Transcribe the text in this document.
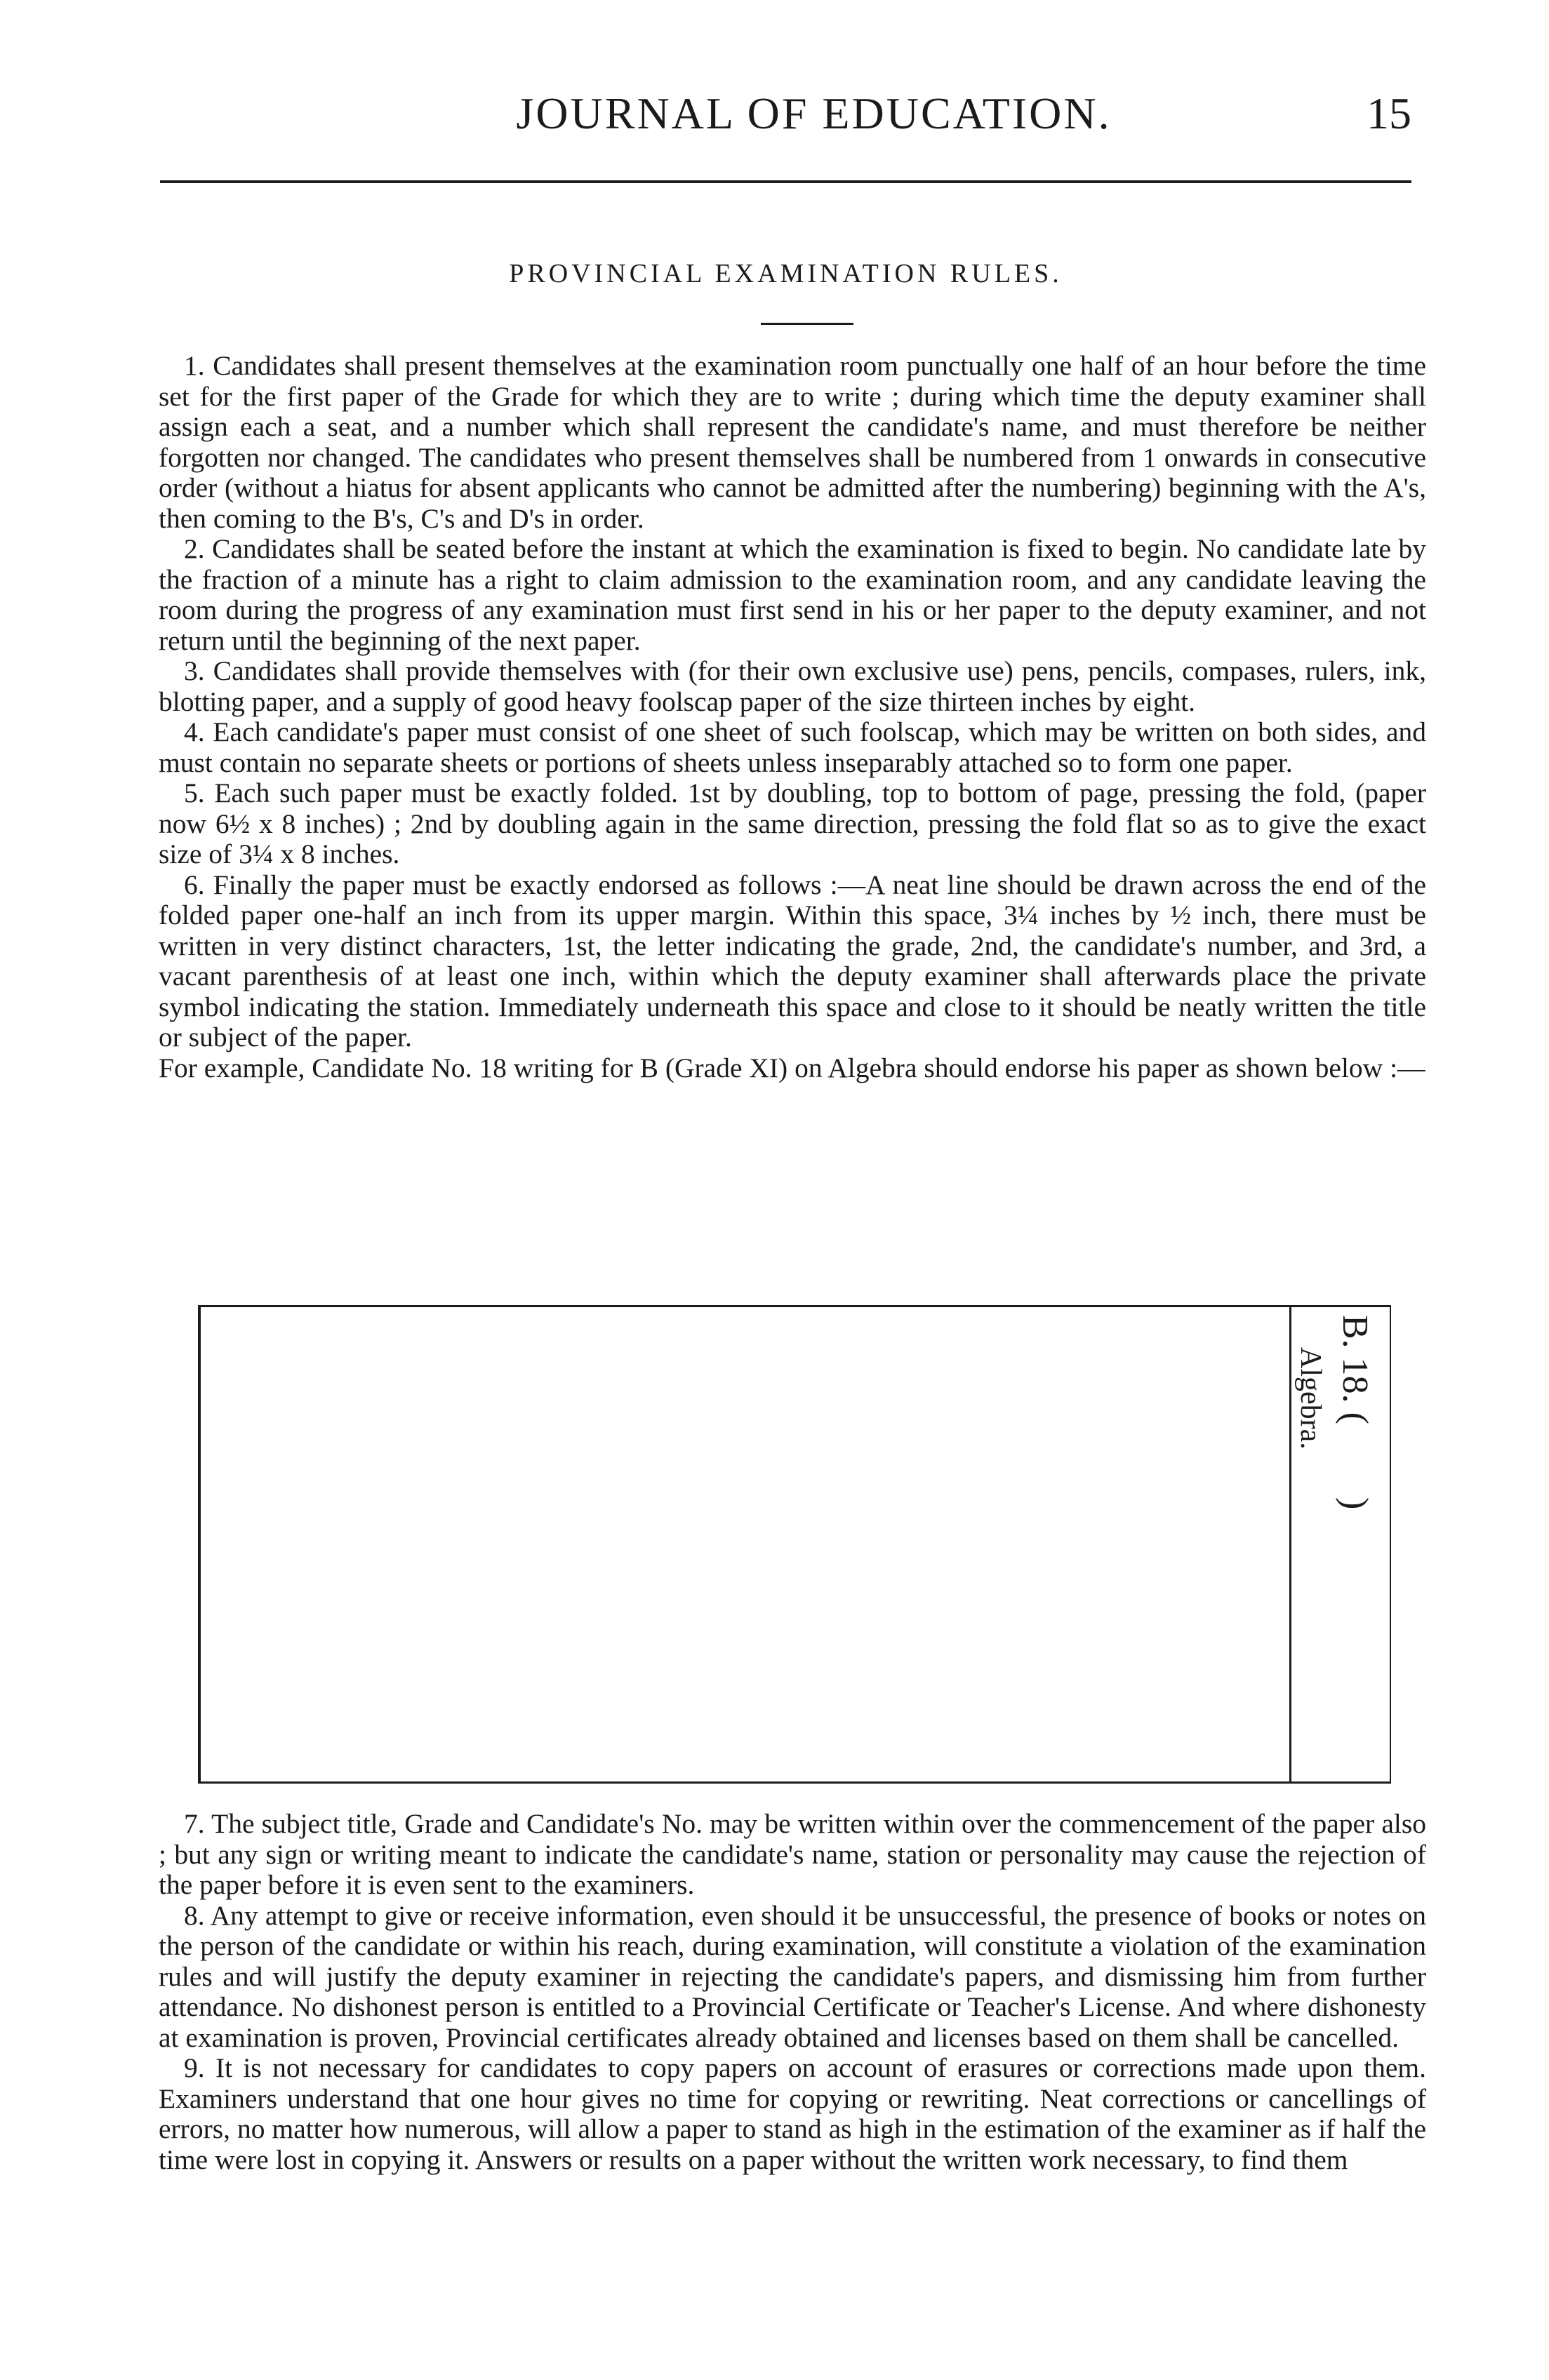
JOURNAL OF EDUCATION.	15
PROVINCIAL EXAMINATION RULES.

1. Candidates shall present themselves at the examination room punctually one half of an hour before the time set for the first paper of the Grade for which they are to write ; during which time the deputy examiner shall assign each a seat, and a number which shall represent the candidate's name, and must therefore be neither forgotten nor changed. The candidates who present themselves shall be numbered from 1 onwards in consecutive order (without a hiatus for absent applicants who cannot be admitted after the numbering) beginning with the A's, then coming to the B's, C's and D's in order.

2. Candidates shall be seated before the instant at which the examination is fixed to begin. No candidate late by the fraction of a minute has a right to claim admission to the examination room, and any candidate leaving the room during the progress of any examination must first send in his or her paper to the deputy examiner, and not return until the beginning of the next paper.

3. Candidates shall provide themselves with (for their own exclusive use) pens, pencils, compases, rulers, ink, blotting paper, and a supply of good heavy foolscap paper of the size thirteen inches by eight.

4. Each candidate's paper must consist of one sheet of such foolscap, which may be written on both sides, and must contain no separate sheets or portions of sheets unless inseparably attached so to form one paper.

5. Each such paper must be exactly folded. 1st by doubling, top to bottom of page, pressing the fold, (paper now 6½ x 8 inches) ; 2nd by doubling again in the same direction, pressing the fold flat so as to give the exact size of 3¼ x 8 inches.

6. Finally the paper must be exactly endorsed as follows :—A neat line should be drawn across the end of the folded paper one-half an inch from its upper margin. Within this space, 3¼ inches by ½ inch, there must be written in very distinct characters, 1st, the letter indicating the grade, 2nd, the candidate's number, and 3rd, a vacant parenthesis of at least one inch, within which the deputy examiner shall afterwards place the private symbol indicating the station. Immediately underneath this space and close to it should be neatly written the title or subject of the paper.

For example, Candidate No. 18 writing for B (Grade XI) on Algebra should endorse his paper as shown below :—

B. 18. (        )
Algebra.

7. The subject title, Grade and Candidate's No. may be written within over the commencement of the paper also ; but any sign or writing meant to indicate the candidate's name, station or personality may cause the rejection of the paper before it is even sent to the examiners.

8. Any attempt to give or receive information, even should it be unsuccessful, the presence of books or notes on the person of the candidate or within his reach, during examination, will constitute a violation of the examination rules and will justify the deputy examiner in rejecting the candidate's papers, and dismissing him from further attendance. No dishonest person is entitled to a Provincial Certificate or Teacher's License. And where dishonesty at examination is proven, Provincial certificates already obtained and licenses based on them shall be cancelled.

9. It is not necessary for candidates to copy papers on account of erasures or corrections made upon them. Examiners understand that one hour gives no time for copying or rewriting. Neat corrections or cancellings of errors, no matter how numerous, will allow a paper to stand as high in the estimation of the examiner as if half the time were lost in copying it. Answers or results on a paper without the written work necessary, to find them
